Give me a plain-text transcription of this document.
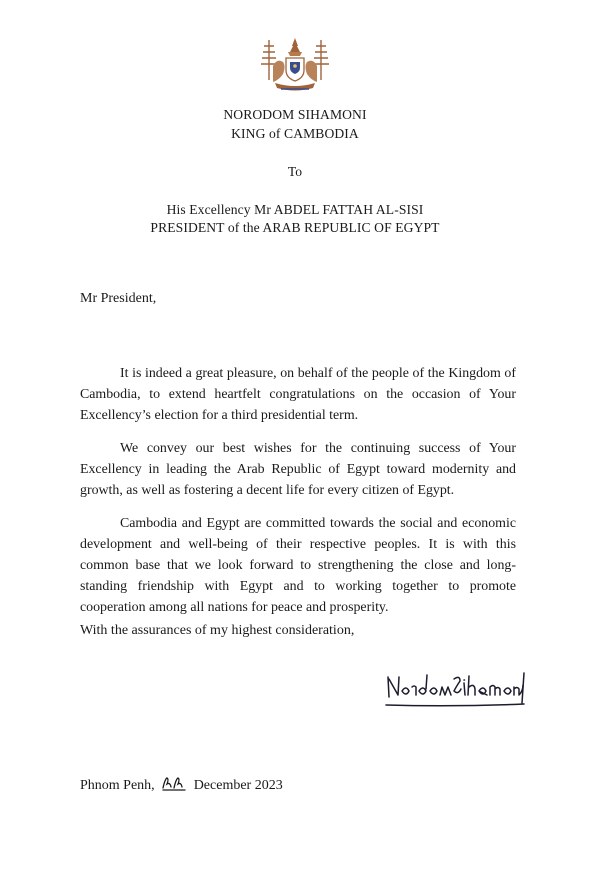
NORODOM SIHAMONI
KING of CAMBODIA
To
His Excellency Mr ABDEL FATTAH AL-SISI
PRESIDENT of the ARAB REPUBLIC OF EGYPT
Mr President,
It is indeed a great pleasure, on behalf of the people of the Kingdom of Cambodia, to extend heartfelt congratulations on the occasion of Your Excellency’s election for a third presidential term.
We convey our best wishes for the continuing success of Your Excellency in leading the Arab Republic of Egypt toward modernity and growth, as well as fostering a decent life for every citizen of Egypt.
Cambodia and Egypt are committed towards the social and economic development and well-being of their respective peoples. It is with this common base that we look forward to strengthening the close and long-standing friendship with Egypt and to working together to promote cooperation among all nations for peace and prosperity.
With the assurances of my highest consideration,
Phnom Penh,	December 2023
